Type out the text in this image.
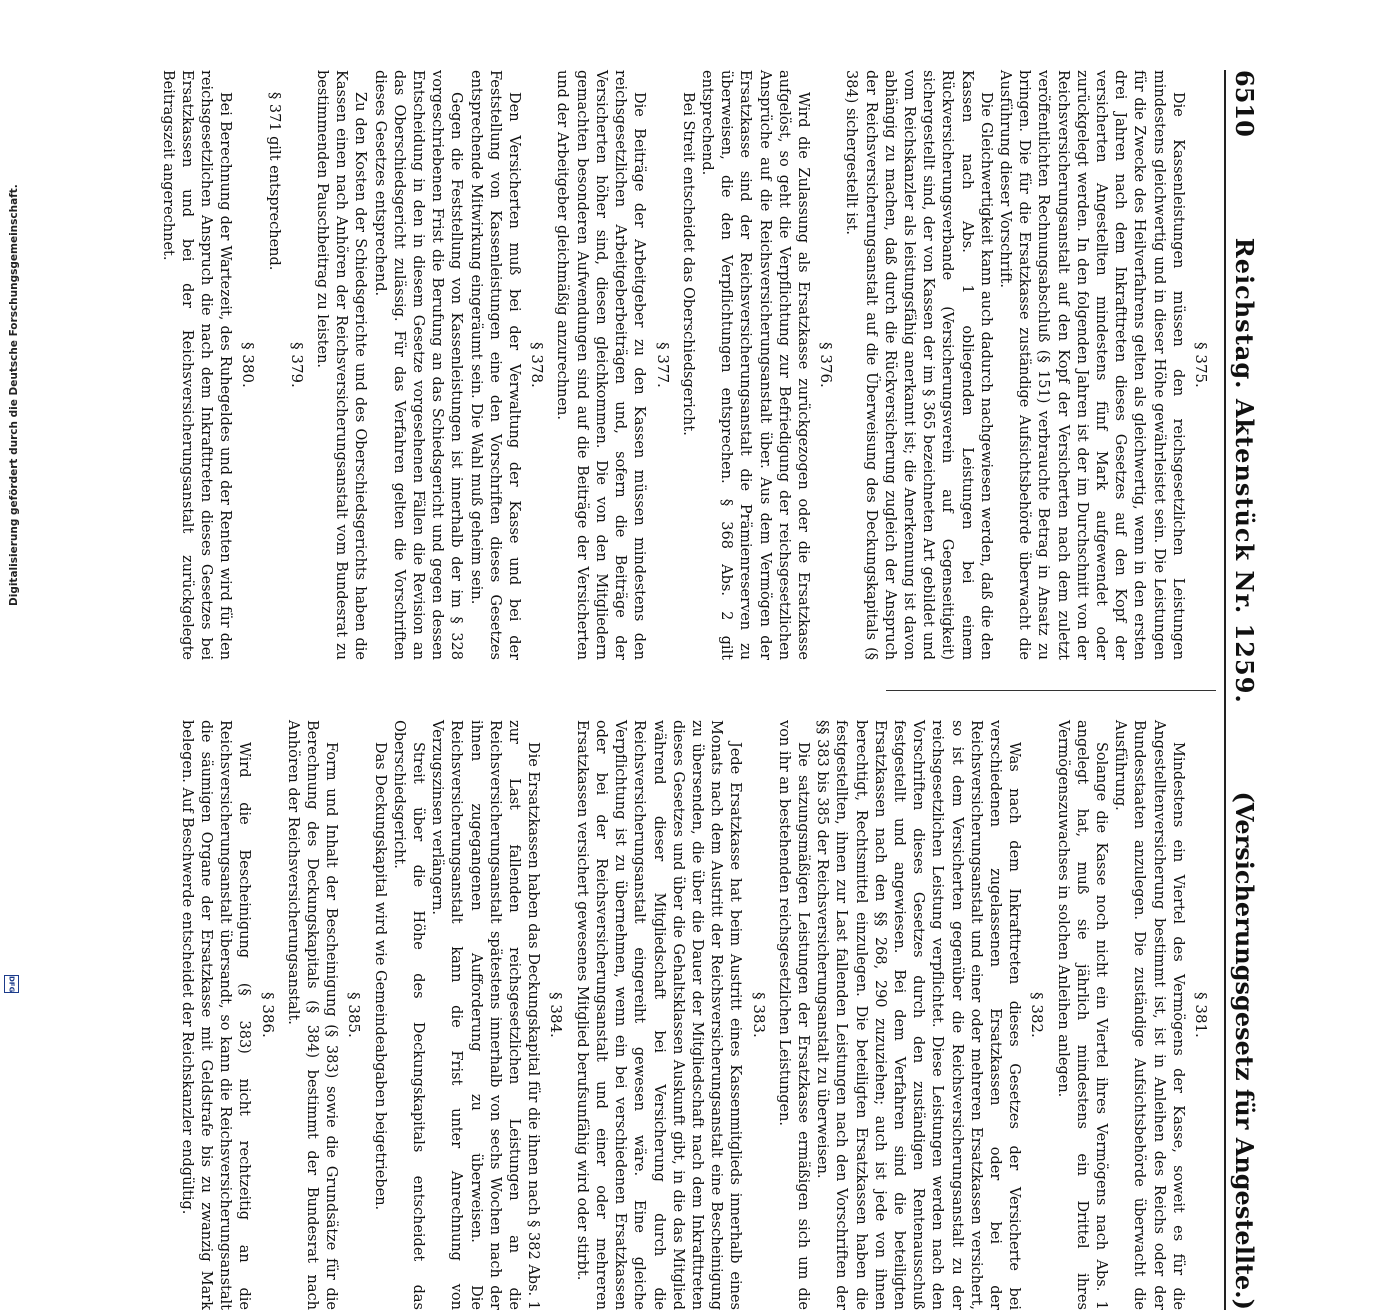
6510
Reichstag. Aktenstück Nr. 1259.
(Versicherungsgesetz für Angestellte.)
§ 375.
Die Kassenleistungen müssen den reichsgesetzlichen Leistungen mindestens gleichwertig und in dieser Höhe gewährleistet sein. Die Leistungen für die Zwecke des Heilverfahrens gelten als gleichwertig, wenn in den ersten drei Jahren nach dem Inkrafttreten dieses Gesetzes auf den Kopf der versicherten Angestellten mindestens fünf Mark aufgewendet oder zurückgelegt werden. In den folgenden Jahren ist der im Durchschnitt von der Reichsversicherungsanstalt auf den Kopf der Versicherten nach dem zuletzt veröffentlichten Rechnungsabschluß (§ 151) verbrauchte Betrag in Ansatz zu bringen. Die für die Ersatzkasse zuständige Aufsichtsbehörde überwacht die Ausführung dieser Vorschrift.
Die Gleichwertigkeit kann auch dadurch nachgewiesen werden, daß die den Kassen nach Abs. 1 obliegenden Leistungen bei einem Rückversicherungsverbande (Versicherungsverein auf Gegenseitigkeit) sichergestellt sind, der von Kassen der im § 365 bezeichneten Art gebildet und vom Reichskanzler als leistungsfähig anerkannt ist; die Anerkennung ist davon abhängig zu machen, daß durch die Rückversicherung zugleich der Anspruch der Reichsversicherungsanstalt auf die Überweisung des Deckungskapitals (§ 384) sichergestellt ist.
§ 376.
Wird die Zulassung als Ersatzkasse zurückgezogen oder die Ersatzkasse aufgelöst, so geht die Verpflichtung zur Befriedigung der reichsgesetzlichen Ansprüche auf die Reichsversicherungsanstalt über. Aus dem Vermögen der Ersatzkasse sind der Reichsversicherungsanstalt die Prämienreserven zu überweisen, die den Verpflichtungen entsprechen. § 368 Abs. 2 gilt entsprechend.
Bei Streit entscheidet das Oberschiedsgericht.
§ 377.
Die Beiträge der Arbeitgeber zu den Kassen müssen mindestens den reichsgesetzlichen Arbeitgeberbeiträgen und, sofern die Beiträge der Versicherten höher sind, diesen gleichkommen. Die von den Mitgliedern gemachten besonderen Aufwendungen sind auf die Beiträge der Versicherten und der Arbeitgeber gleichmäßig anzurechnen.
§ 378.
Den Versicherten muß bei der Verwaltung der Kasse und bei der Feststellung von Kassenleistungen eine den Vorschriften dieses Gesetzes entsprechende Mitwirkung eingeräumt sein. Die Wahl muß geheim sein.
Gegen die Feststellung von Kassenleistungen ist innerhalb der im § 328 vorgeschriebenen Frist die Berufung an das Schiedsgericht und gegen dessen Entscheidung in den in diesem Gesetze vorgesehenen Fällen die Revision an das Oberschiedsgericht zulässig. Für das Verfahren gelten die Vorschriften dieses Gesetzes entsprechend.
Zu den Kosten der Schiedsgerichte und des Oberschiedsgerichts haben die Kassen einen nach Anhören der Reichsversicherungsanstalt vom Bundesrat zu bestimmenden Pauschbeitrag zu leisten.
§ 379.
§ 371 gilt entsprechend.
§ 380.
Bei Berechnung der Wartezeit, des Ruhegeldes und der Renten wird für den reichsgesetzlichen Anspruch die nach dem Inkrafttreten dieses Gesetzes bei Ersatzkassen und bei der Reichsversicherungsanstalt zurückgelegte Beitragszeit angerechnet.
§ 381.
Mindestens ein Viertel des Vermögens der Kasse, soweit es für die Angestelltenversicherung bestimmt ist, ist in Anleihen des Reichs oder der Bundesstaaten anzulegen. Die zuständige Aufsichtsbehörde überwacht die Ausführung.
Solange die Kasse noch nicht ein Viertel ihres Vermögens nach Abs. 1 angelegt hat, muß sie jährlich mindestens ein Drittel ihres Vermögenszuwachses in solchen Anleihen anlegen.
§ 382.
Was nach dem Inkrafttreten dieses Gesetzes der Versicherte bei verschiedenen zugelassenen Ersatzkassen oder bei der Reichsversicherungsanstalt und einer oder mehreren Ersatzkassen versichert, so ist dem Versicherten gegenüber die Reichsversicherungsanstalt zu der reichsgesetzlichen Leistung verpflichtet. Diese Leistungen werden nach den Vorschriften dieses Gesetzes durch den zuständigen Rentenausschuß festgestellt und angewiesen. Bei dem Verfahren sind die beteiligten Ersatzkassen nach den §§ 268, 290 zuzuziehen; auch ist jede von ihnen berechtigt, Rechtsmittel einzulegen. Die beteiligten Ersatzkassen haben die festgestellten, ihnen zur Last fallenden Leistungen nach den Vorschriften der §§ 383 bis 385 der Reichsversicherungsanstalt zu überweisen.
Die satzungsmäßigen Leistungen der Ersatzkasse ermäßigen sich um die von ihr an bestehenden reichsgesetzlichen Leistungen.
§ 383.
Jede Ersatzkasse hat beim Austritt eines Kassenmitglieds innerhalb eines Monats nach dem Austritt der Reichsversicherungsanstalt eine Bescheinigung zu übersenden, die über die Dauer der Mitgliedschaft nach dem Inkrafttreten dieses Gesetzes und über die Gehaltsklassen Auskunft gibt, in die das Mitglied während dieser Mitgliedschaft bei Versicherung durch die Reichsversicherungsanstalt eingereiht gewesen wäre. Eine gleiche Verpflichtung ist zu übernehmen, wenn ein bei verschiedenen Ersatzkassen oder bei der Reichsversicherungsanstalt und einer oder mehreren Ersatzkassen versichert gewesenes Mitglied berufsunfähig wird oder stirbt.
§ 384.
Die Ersatzkassen haben das Deckungskapital für die ihnen nach § 382 Abs. 1 zur Last fallenden reichsgesetzlichen Leistungen an die Reichsversicherungsanstalt spätestens innerhalb von sechs Wochen nach der ihnen zugegangenen Aufforderung zu überweisen. Die Reichsversicherungsanstalt kann die Frist unter Anrechnung von Verzugszinsen verlängern.
Streit über die Höhe des Deckungskapitals entscheidet das Oberschiedsgericht.
Das Deckungskapital wird wie Gemeindeabgaben beigetrieben.
§ 385.
Form und Inhalt der Bescheinigung (§ 383) sowie die Grundsätze für die Berechnung des Deckungskapitals (§ 384) bestimmt der Bundesrat nach Anhören der Reichsversicherungsanstalt.
§ 386.
Wird die Bescheinigung (§ 383) nicht rechtzeitig an die Reichsversicherungsanstalt übersandt, so kann die Reichsversicherungsanstalt die säumigen Organe der Ersatzkasse mit Geldstrafe bis zu zwanzig Mark belegen. Auf Beschwerde entscheidet der Reichskanzler endgültig.
Digitalisierung gefördert durch die Deutsche Forschungsgemeinschaft.
DFG
